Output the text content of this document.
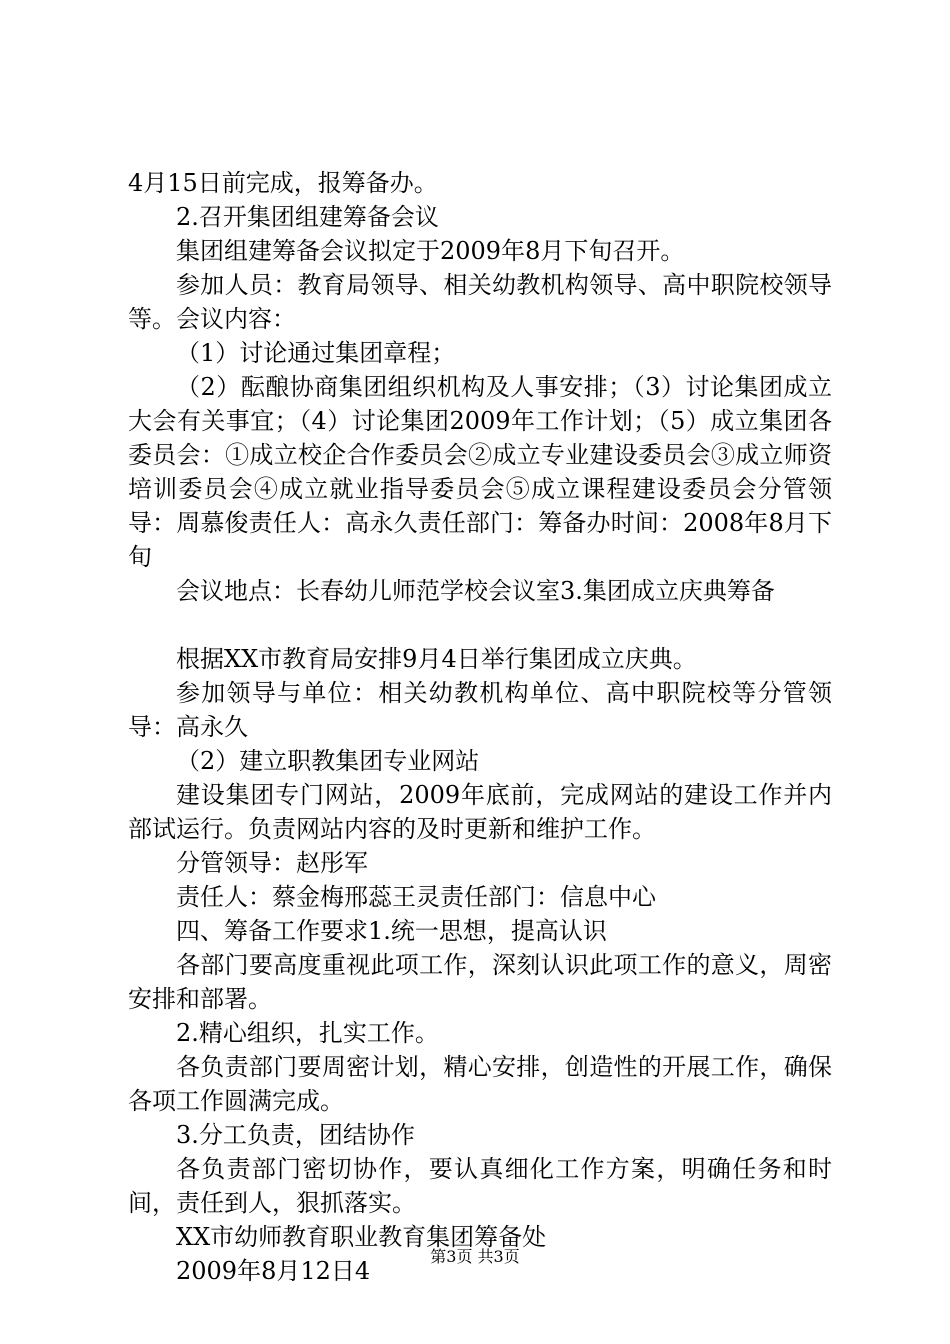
4月15日前完成，报筹备办。

2.召开集团组建筹备会议

集团组建筹备会议拟定于2009年8月下旬召开。

参加人员：教育局领导、相关幼教机构领导、高中职院校领导等。会议内容：

（1）讨论通过集团章程；

（2）酝酿协商集团组织机构及人事安排；（3）讨论集团成立大会有关事宜；（4）讨论集团2009年工作计划；（5）成立集团各委员会：①成立校企合作委员会②成立专业建设委员会③成立师资培训委员会④成立就业指导委员会⑤成立课程建设委员会分管领导：周慕俊责任人：高永久责任部门：筹备办时间：2008年8月下旬

会议地点：长春幼儿师范学校会议室3.集团成立庆典筹备

根据XX市教育局安排9月4日举行集团成立庆典。

参加领导与单位：相关幼教机构单位、高中职院校等分管领导：高永久

（2）建立职教集团专业网站

建设集团专门网站，2009年底前，完成网站的建设工作并内部试运行。负责网站内容的及时更新和维护工作。

分管领导：赵彤军

责任人：蔡金梅邢蕊王灵责任部门：信息中心

四、筹备工作要求1.统一思想，提高认识

各部门要高度重视此项工作，深刻认识此项工作的意义，周密安排和部署。

2.精心组织，扎实工作。

各负责部门要周密计划，精心安排，创造性的开展工作，确保各项工作圆满完成。

3.分工负责，团结协作

各负责部门密切协作，要认真细化工作方案，明确任务和时间，责任到人，狠抓落实。

XX市幼师教育职业教育集团筹备处

2009年8月12日4

第3页 共3页
